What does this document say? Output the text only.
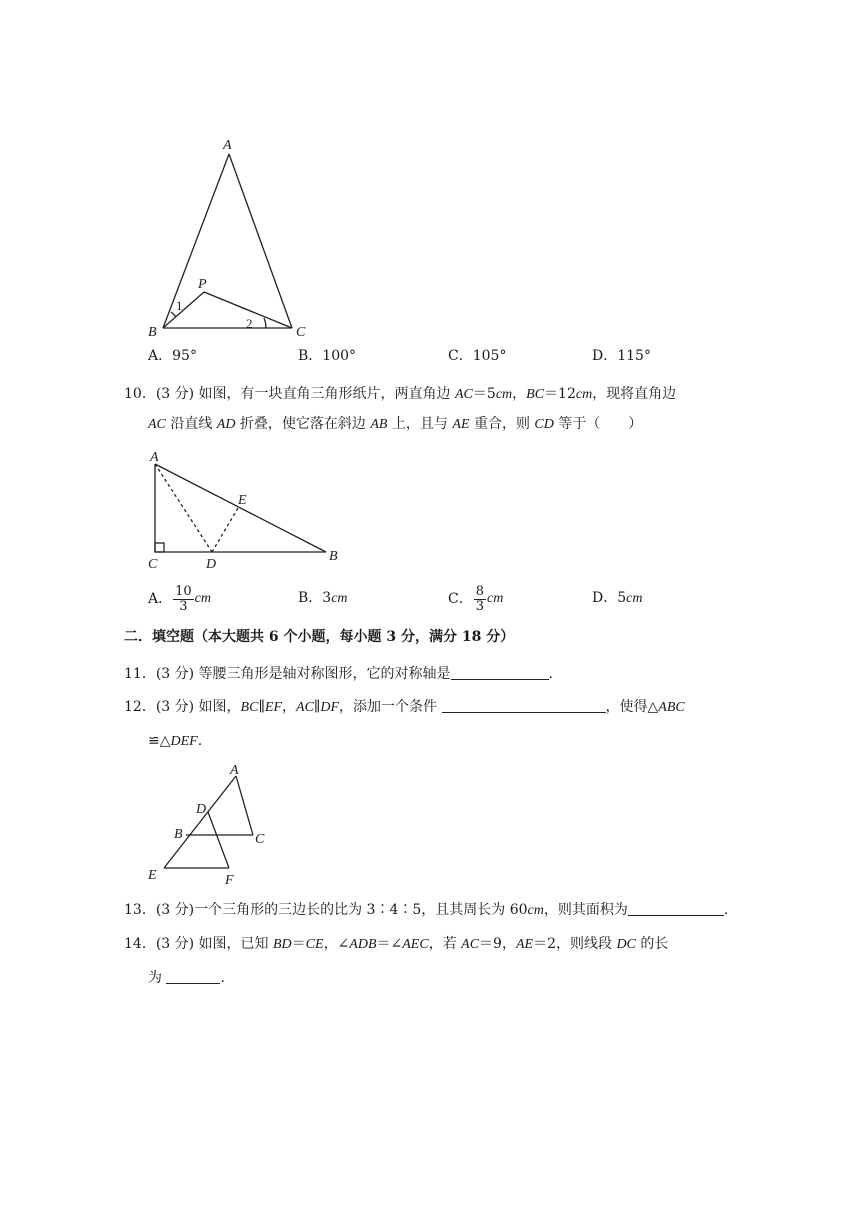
A
B	C
P
1
2
A．95°	B．100°	C．105°	D．115°
10．(3 分) 如图，有一块直角三角形纸片，两直角边 AC＝5cm，BC＝12cm，现将直角边
AC 沿直线 AD 折叠，使它落在斜边 AB 上，且与 AE 重合，则 CD 等于（　　）
A
C	D
E
B
A． $\frac{10}{3}$ cm	B．3cm	C． $\frac{8}{3}$ cm	D．5cm
二．填空题（本大题共 6 个小题，每小题 3 分，满分 18 分）
11．(3 分) 等腰三角形是轴对称图形，它的对称轴是	.
12．(3 分) 如图，BC∥EF，AC∥DF，添加一个条件	，使得△ABC
≌△DEF.
A
D
B	C
E	F
13．(3 分)一个三角形的三边长的比为 3∶4∶5，且其周长为 60cm，则其面积为	.
14．(3 分) 如图，已知 BD＝CE，∠ADB＝∠AEC，若 AC＝9，AE＝2，则线段 DC 的长
为	.
